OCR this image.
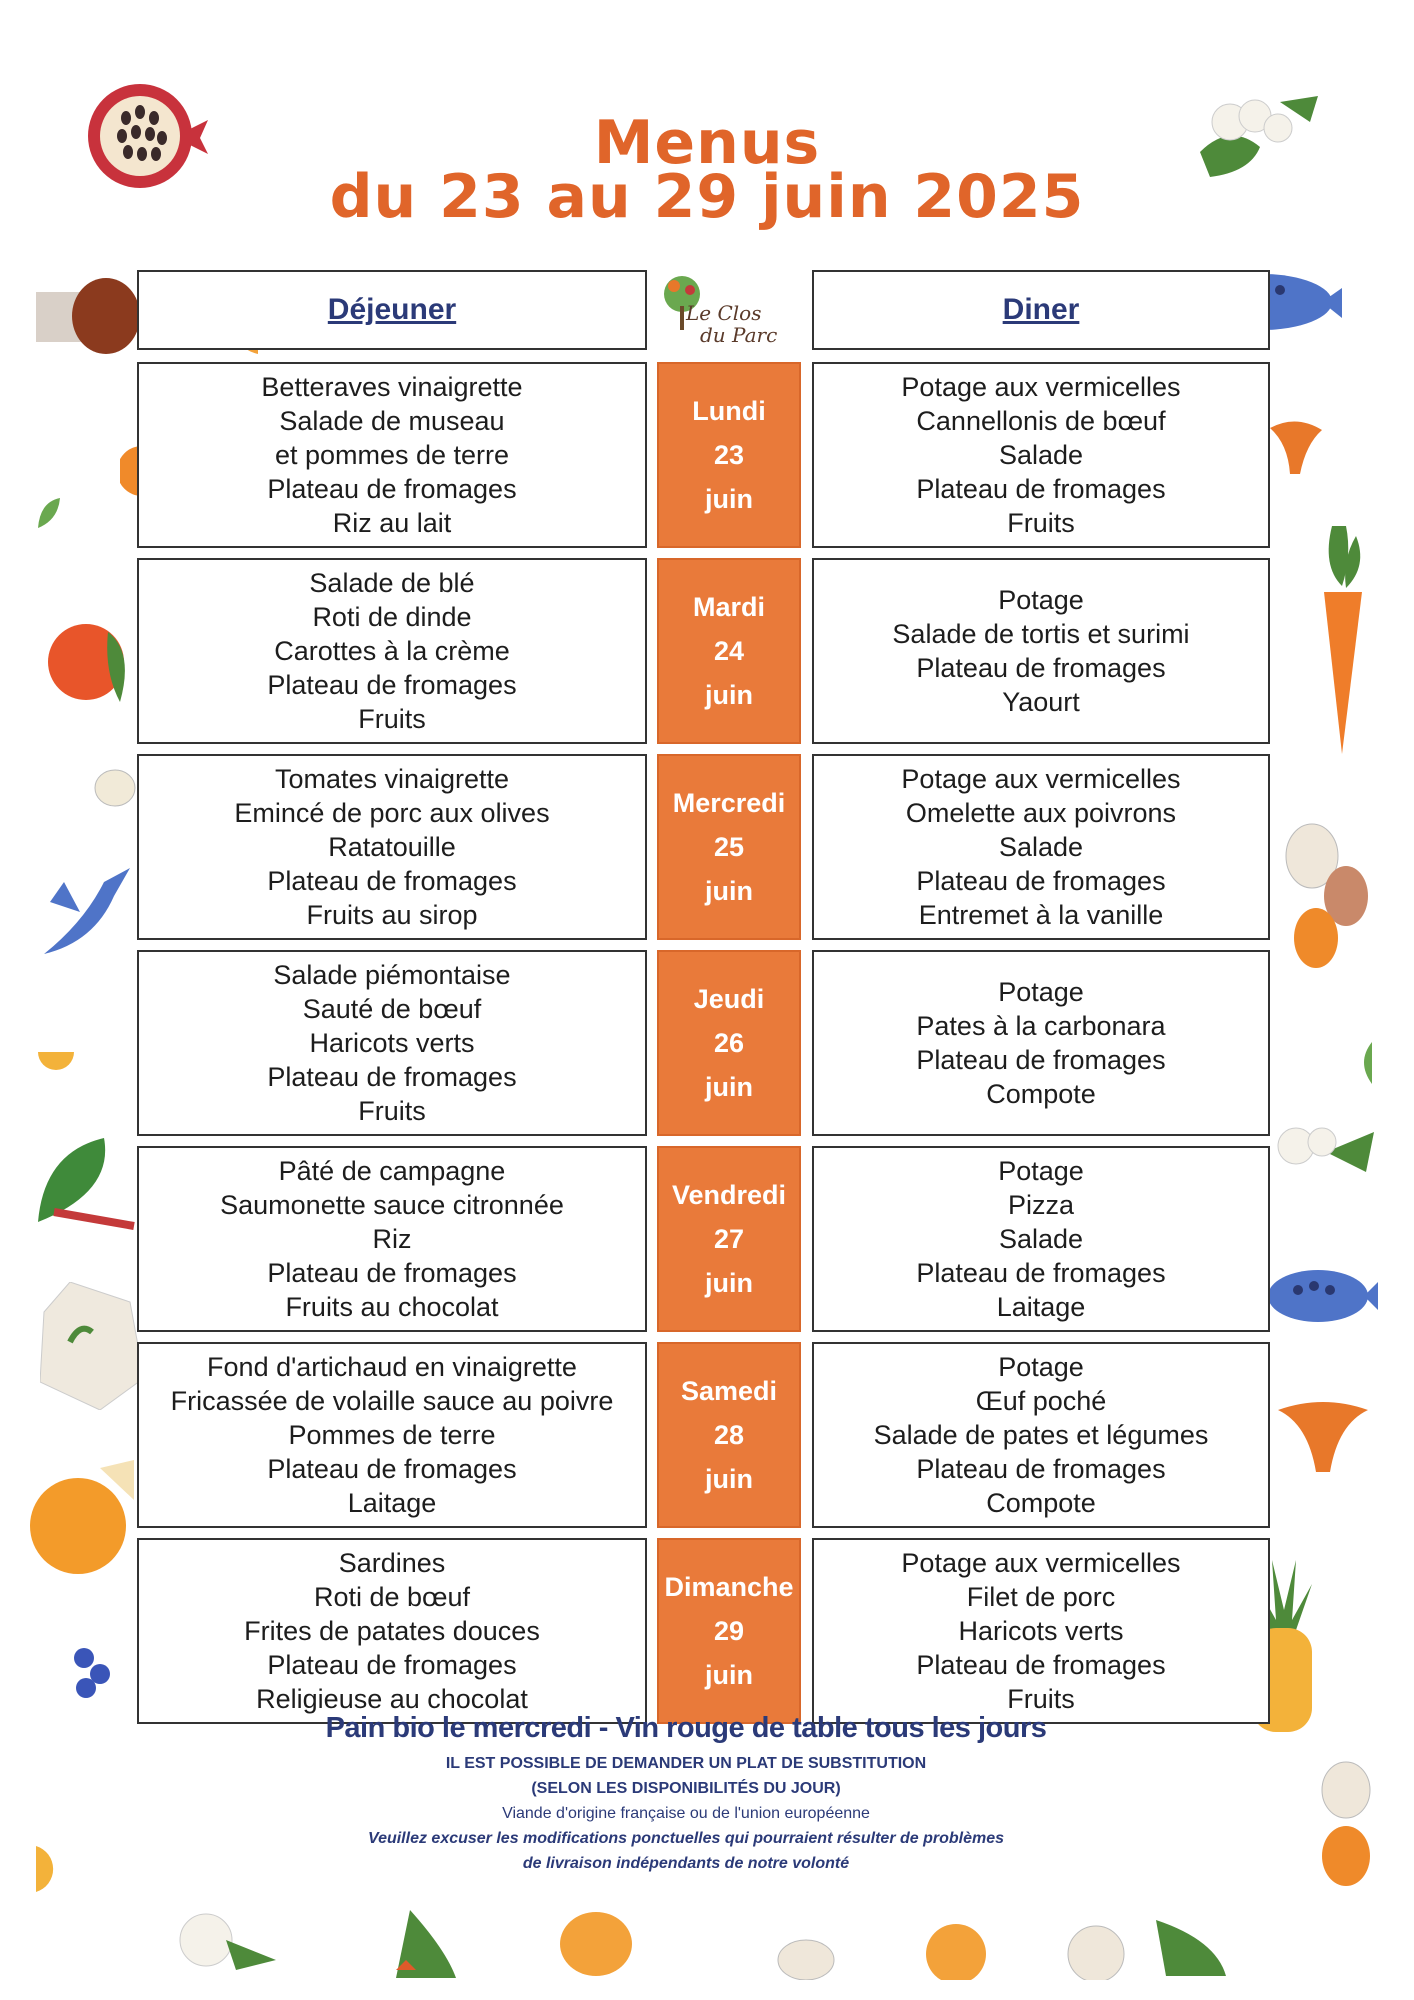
Menus
du 23 au 29 juin 2025
Déjeuner	Diner
Le Clos
du Parc
Betteraves vinaigrette
Salade de museau
et pommes de terre
Plateau de fromages
Riz au lait
Lundi
23
juin
Potage aux vermicelles
Cannellonis de bœuf
Salade
Plateau de fromages
Fruits
Salade de blé
Roti de dinde
Carottes à la crème
Plateau de fromages
Fruits
Mardi
24
juin
Potage
Salade de tortis et surimi
Plateau de fromages
Yaourt
Tomates vinaigrette
Emincé de porc aux olives
Ratatouille
Plateau de fromages
Fruits au sirop
Mercredi
25
juin
Potage aux vermicelles
Omelette aux poivrons
Salade
Plateau de fromages
Entremet à la vanille
Salade piémontaise
Sauté de bœuf
Haricots verts
Plateau de fromages
Fruits
Jeudi
26
juin
Potage
Pates à la carbonara
Plateau de fromages
Compote
Pâté de campagne
Saumonette sauce citronnée
Riz
Plateau de fromages
Fruits au chocolat
Vendredi
27
juin
Potage
Pizza
Salade
Plateau de fromages
Laitage
Fond d'artichaud en vinaigrette
Fricassée de volaille sauce au poivre
Pommes de terre
Plateau de fromages
Laitage
Samedi
28
juin
Potage
Œuf poché
Salade de pates et légumes
Plateau de fromages
Compote
Sardines
Roti de bœuf
Frites de patates douces
Plateau de fromages
Religieuse au chocolat
Dimanche
29
juin
Potage aux vermicelles
Filet de porc
Haricots verts
Plateau de fromages
Fruits
Pain bio le mercredi - Vin rouge de table tous les jours
IL EST POSSIBLE DE DEMANDER UN PLAT DE SUBSTITUTION
(SELON LES DISPONIBILITÉS DU JOUR)
Viande d'origine française ou de l'union européenne
Veuillez excuser les modifications ponctuelles qui pourraient résulter de problèmes
de livraison indépendants de notre volonté
